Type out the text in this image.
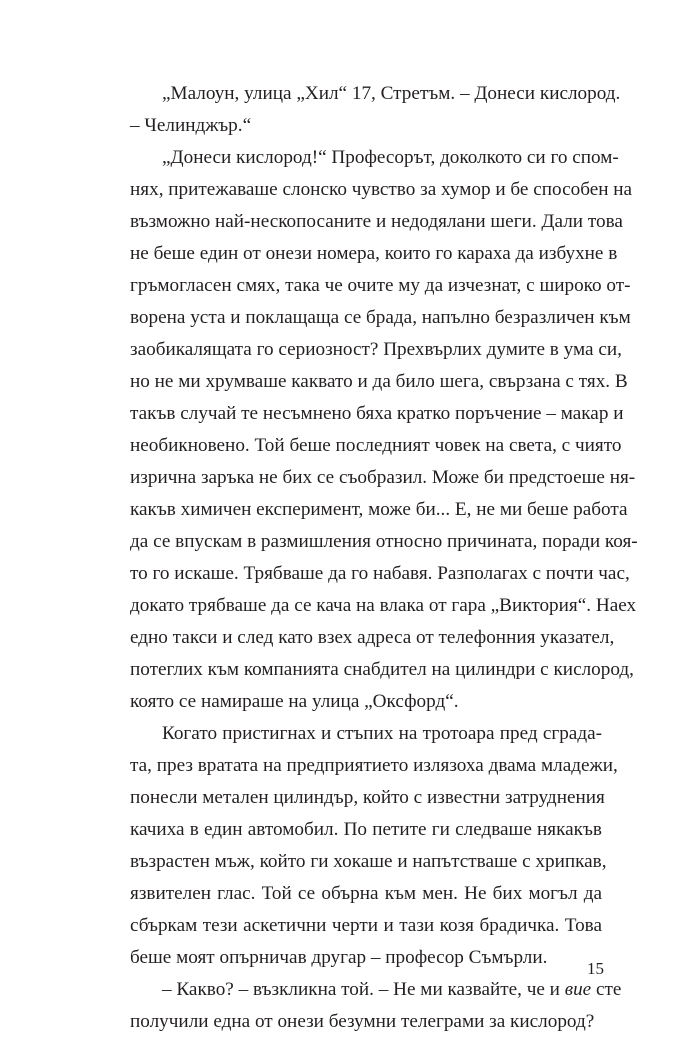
„Малоун, улица „Хил“ 17, Стретъм. – Донеси кислород.
– Челинджър.“
„Донеси кислород!“ Професорът, доколкото си го спом-
нях, притежаваше слонско чувство за хумор и бе способен на
възможно най-нескопосаните и недодялани шеги. Дали това
не беше един от онези номера, които го караха да избухне в
гръмогласен смях, така че очите му да изчезнат, с широко от-
ворена уста и поклащаща се брада, напълно безразличен към
заобикалящата го сериозност? Прехвърлих думите в ума си,
но не ми хрумваше каквато и да било шега, свързана с тях. В
такъв случай те несъмнено бяха кратко поръчение – макар и
необикновено. Той беше последният човек на света, с чиято
изрична заръка не бих се съобразил. Може би предстоеше ня-
какъв химичен експеримент, може би... Е, не ми беше работа
да се впускам в размишления относно причината, поради коя-
то го искаше. Трябваше да го набавя. Разполагах с почти час,
докато трябваше да се кача на влака от гара „Виктория“. Наех
едно такси и след като взех адреса от телефонния указател,
потеглих към компанията снабдител на цилиндри с кислород,
която се намираше на улица „Оксфорд“.
Когато пристигнах и стъпих на тротоара пред сграда-
та, през вратата на предприятието излязоха двама младежи,
понесли метален цилиндър, който с известни затруднения
качиха в един автомобил. По петите ги следваше някакъв
възрастен мъж, който ги хокаше и напътстваше с хрипкав,
язвителен глас. Той се обърна към мен. Не бих могъл да
сбъркам тези аскетични черти и тази козя брадичка. Това
беше моят опърничав другар – професор Съмърли.
– Какво? – възкликна той. – Не ми казвайте, че и вие сте
получили една от онези безумни телеграми за кислород?
15
